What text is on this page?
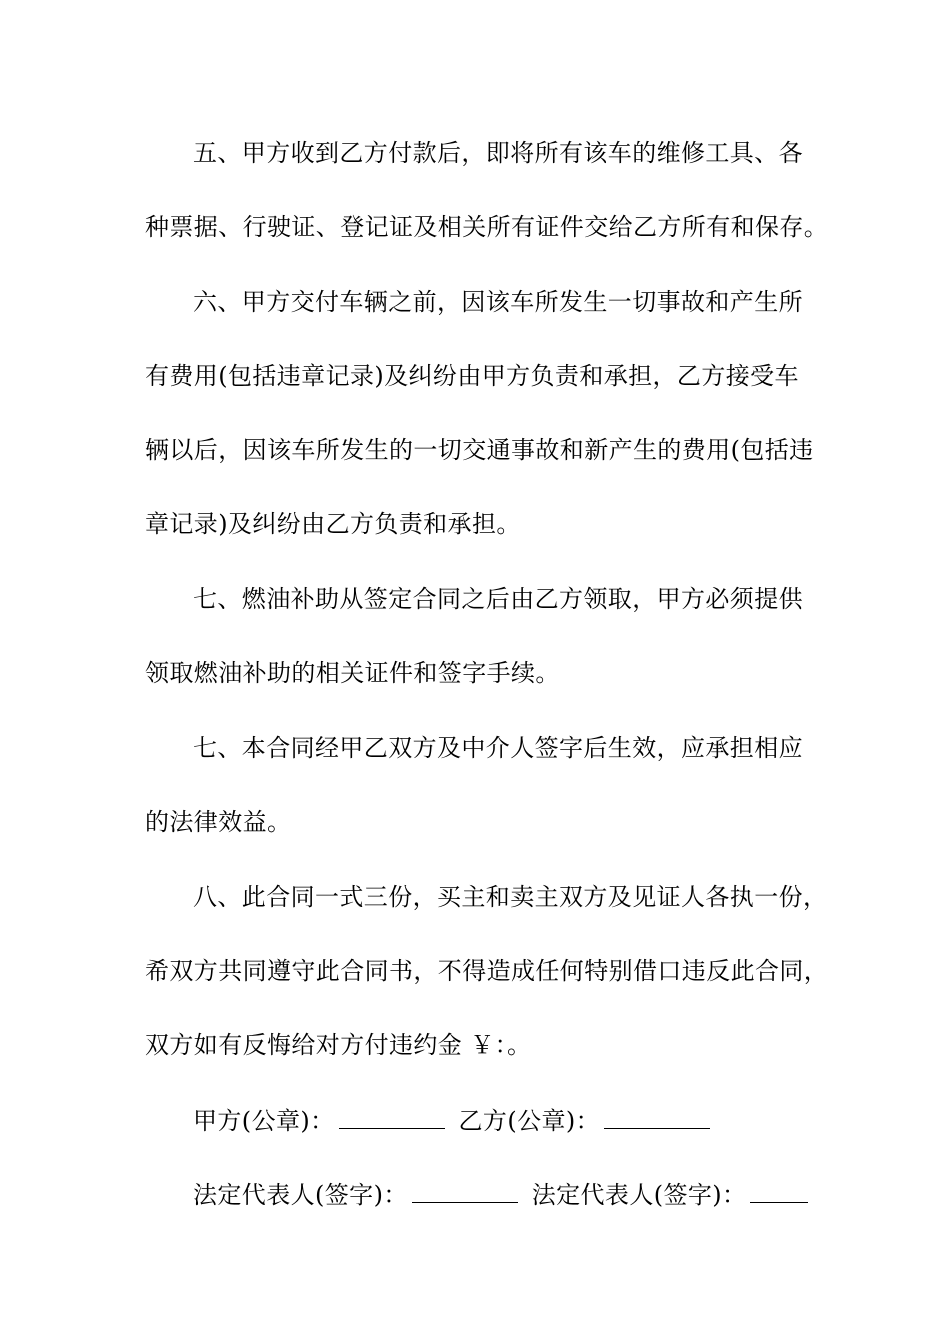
五、甲方收到乙方付款后，即将所有该车的维修工具、各
种票据、行驶证、登记证及相关所有证件交给乙方所有和保存。
六、甲方交付车辆之前，因该车所发生一切事故和产生所
有费用(包括违章记录)及纠纷由甲方负责和承担，乙方接受车
辆以后，因该车所发生的一切交通事故和新产生的费用(包括违
章记录)及纠纷由乙方负责和承担。
七、燃油补助从签定合同之后由乙方领取，甲方必须提供
领取燃油补助的相关证件和签字手续。
七、本合同经甲乙双方及中介人签字后生效，应承担相应
的法律效益。
八、此合同一式三份，买主和卖主双方及见证人各执一份，
希双方共同遵守此合同书，不得造成任何特别借口违反此合同，
双方如有反悔给对方付违约金 ￥：。
甲方(公章)：	乙方(公章)：
法定代表人(签字)：	法定代表人(签字)：
